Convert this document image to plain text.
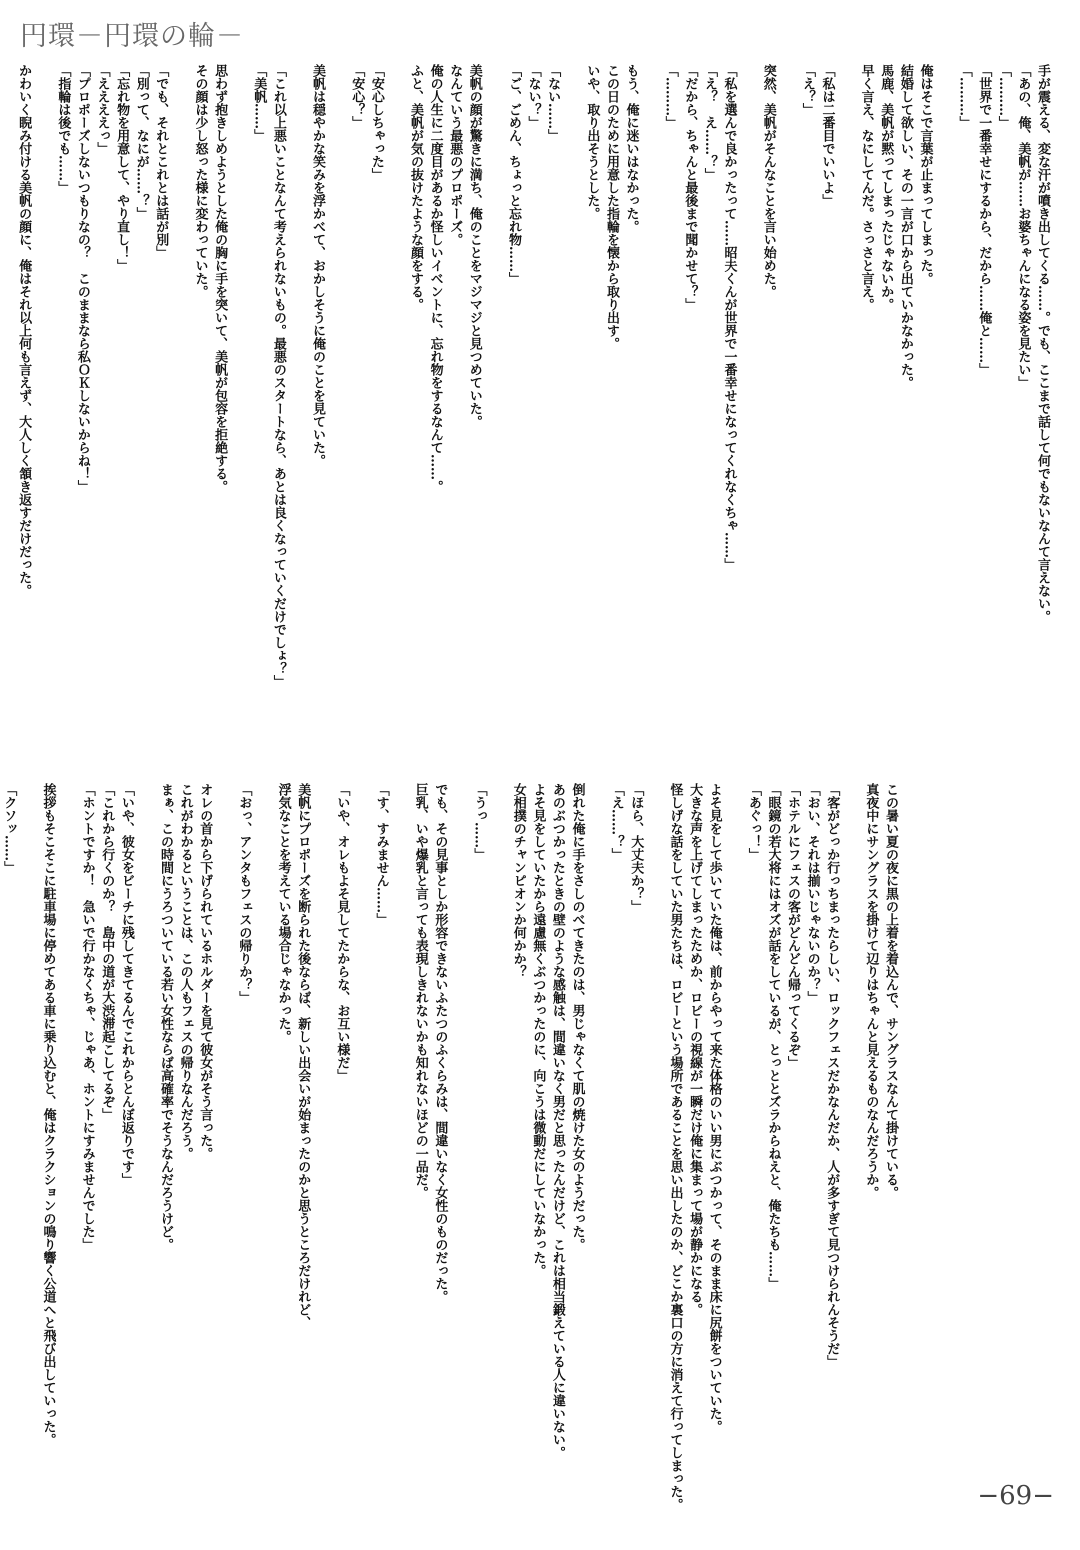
円環－円環の輪－
手が震える、変な汗が噴き出してくる……。でも、ここまで話して何でもないなんて言えない。
「あの、俺、美帆が……お婆ちゃんになる姿を見たい」
「………」
「世界で一番幸せにするから、だから……俺と……」
「………」

俺はそこで言葉が止まってしまった。
結婚して欲しい、その一言が口から出ていかなかった。
馬鹿、美帆が黙ってしまったじゃないか。
早く言え、なにしてんだ。さっさと言え。

「私は二番目でいいよ」
「え？」

突然、美帆がそんなことを言い始めた。

「私を選んで良かったって……昭夫くんが世界で一番幸せになってくれなくちゃ……」
「え？　え……？」
「だから、ちゃんと最後まで聞かせて？」
「………」

もう、俺に迷いはなかった。
この日のために用意した指輪を懐から取り出す。
いや、取り出そうとした。

「ない……」
「ない？」
「ご、ごめん、ちょっと忘れ物……」

美帆の顔が驚きに満ち、俺のことをマジマジと見つめていた。
なんていう最悪のプロポーズ。
俺の人生に二度目があるか怪しいイベントに、忘れ物をするなんて……。
ふと、美帆が気の抜けたような顔をする。

「安心しちゃった」
「安心？」

美帆は穏やかな笑みを浮かべて、おかしそうに俺のことを見ていた。

「これ以上悪いことなんて考えられないもの。最悪のスタートなら、あとは良くなっていくだけでしょ？」
「美帆……」

思わず抱きしめようとした俺の胸に手を突いて、美帆が包容を拒絶する。
その顔は少し怒った様に変わっていた。

「でも、それとこれとは話が別」
「別って、なにが……？」
「忘れ物を用意して、やり直し！」
「ええええっ」
「プロポーズしないつもりなの？　このままなら私ＯＫしないからね！」
「指輪は後でも……」

かわいく睨み付ける美帆の顔に、俺はそれ以上何も言えず、大人しく頷き返すだけだった。

この暑い夏の夜に黒の上着を着込んで、サングラスなんて掛けている。
真夜中にサングラスを掛けて辺りはちゃんと見えるものなんだろうか。

「客がどっか行っちまったらしい、ロックフェスだかなんだか、人が多すぎて見つけられんそうだ」
「おい、それは揃いじゃないのか？」
「ホテルにフェスの客がどんどん帰ってくるぞ」
「眼鏡の若大将にはオズが話をしているが、とっととズラからねえと、俺たちも……」
「あぐっ！」

よそ見をして歩いていた俺は、前からやって来た体格のいい男にぶつかって、そのまま床に尻餅をついていた。
大きな声を上げてしまったためか、ロビーの視線が一瞬だけ俺に集まって場が静かになる。
怪しげな話をしていた男たちは、ロビーという場所であることを思い出したのか、どこか裏口の方に消えて行ってしまった。

「ほら、大丈夫か？」
「え……？」

倒れた俺に手をさしのべてきたのは、男じゃなくて肌の焼けた女のようだった。
あのぶつかったときの壁のような感触は、間違いなく男だと思ったんだけど、これは相当鍛えている人に違いない。
よそ見をしていたから遠慮無くぶつかったのに、向こうは微動だにしていなかった。
女相撲のチャンピオンか何かか？

「うっ……」

でも、その見事としか形容できないふたつのふくらみは、間違いなく女性のものだった。
巨乳、いや爆乳と言っても表現しきれないかも知れないほどの一品だ。

「す、すみません……」

「いや、オレもよそ見してたからな、お互い様だ」

美帆にプロポーズを断られた後ならば、新しい出会いが始まったのかと思うところだけれど、
浮気なことを考えている場合じゃなかった。

「おっ、アンタもフェスの帰りか？」

オレの首から下げられているホルダーを見て彼女がそう言った。
これがわかるということは、この人もフェスの帰りなんだろう。
まぁ、この時間にうろついている若い女性ならば高確率でそうなんだろうけど。

「いや、彼女をビーチに残してきてるんでこれからとんぼ返りです」
「これから行くのか？　島中の道が大渋滞起こしてるぞ」
「ホントですか！　急いで行かなくちゃ、じゃあ、ホントにすみませんでした」

挨拶もそこそこに駐車場に停めてある車に乗り込むと、俺はクラクションの鳴り響く公道へと飛び出していった。

「クソッ……」

−69−
